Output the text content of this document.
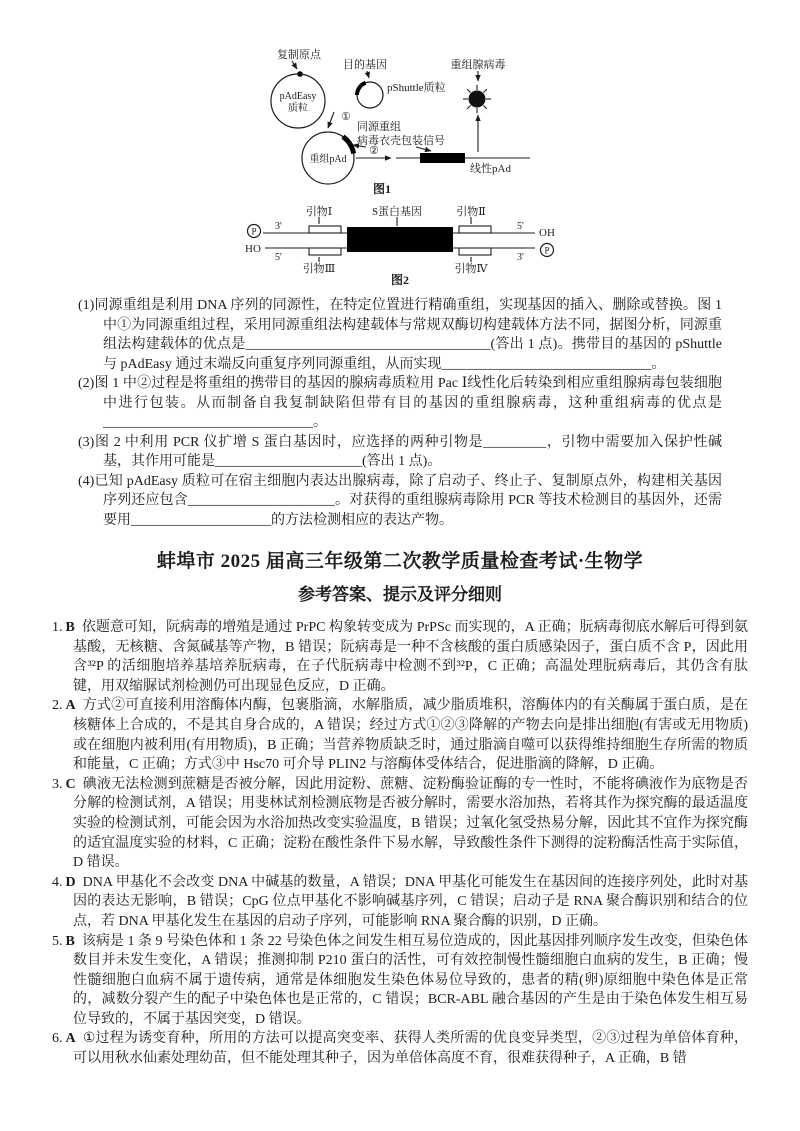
复制原点
pAdEasy
质粒
目的基因
pShuttle质粒
重组腺病毒
①
重组pAd
同源重组
病毒衣壳包装信号
②
线性pAd
图1
引物Ⅰ	S蛋白基因	引物Ⅱ
P
HO
3'
5'
5'
3'
引物Ⅲ	引物Ⅳ
OH
P
图2

(1)同源重组是利用 DNA 序列的同源性，在特定位置进行精确重组，实现基因的插入、删除或替换。图 1 中①为同源重组过程，采用同源重组法构建载体与常规双酶切构建载体方法不同，据图分析，同源重组法构建载体的优点是___________________________________(答出 1 点)。携带目的基因的 pShuttle 与 pAdEasy 通过末端反向重复序列同源重组，从而实现______________________________。

(2)图 1 中②过程是将重组的携带目的基因的腺病毒质粒用 Pac Ⅰ线性化后转染到相应重组腺病毒包装细胞中进行包装。从而制备自我复制缺陷但带有目的基因的重组腺病毒，这种重组病毒的优点是______________________________。

(3)图 2 中利用 PCR 仪扩增 S 蛋白基因时，应选择的两种引物是_________，引物中需要加入保护性碱基，其作用可能是_____________________(答出 1 点)。

(4)已知 pAdEasy 质粒可在宿主细胞内表达出腺病毒，除了启动子、终止子、复制原点外，构建相关基因序列还应包含_____________________。对获得的重组腺病毒除用 PCR 等技术检测目的基因外，还需要用____________________的方法检测相应的表达产物。

蚌埠市 2025 届高三年级第二次教学质量检查考试·生物学
参考答案、提示及评分细则
1. B 依题意可知，阮病毒的增殖是通过 PrPC 构象转变成为 PrPSc 而实现的，A 正确；朊病毒彻底水解后可得到氨基酸，无核糖、含氮碱基等产物，B 错误；阮病毒是一种不含核酸的蛋白质感染因子，蛋白质不含 P，因此用含³²P 的活细胞培养基培养朊病毒，在子代朊病毒中检测不到³²P，C 正确；高温处理朊病毒后，其仍含有肽键，用双缩脲试剂检测仍可出现显色反应，D 正确。
2. A 方式②可直接利用溶酶体内酶，包裹脂滴，水解脂质，减少脂质堆积，溶酶体内的有关酶属于蛋白质，是在核糖体上合成的，不是其自身合成的，A 错误；经过方式①②③降解的产物去向是排出细胞(有害或无用物质)或在细胞内被利用(有用物质)，B 正确；当营养物质缺乏时，通过脂滴自噬可以获得维持细胞生存所需的物质和能量，C 正确；方式③中 Hsc70 可介导 PLIN2 与溶酶体受体结合，促进脂滴的降解，D 正确。
3. C 碘液无法检测到蔗糖是否被分解，因此用淀粉、蔗糖、淀粉酶验证酶的专一性时，不能将碘液作为底物是否分解的检测试剂，A 错误；用斐林试剂检测底物是否被分解时，需要水浴加热，若将其作为探究酶的最适温度实验的检测试剂，可能会因为水浴加热改变实验温度，B 错误；过氧化氢受热易分解，因此其不宜作为探究酶的适宜温度实验的材料，C 正确；淀粉在酸性条件下易水解，导致酸性条件下测得的淀粉酶活性高于实际值，D 错误。
4. D DNA 甲基化不会改变 DNA 中碱基的数量，A 错误；DNA 甲基化可能发生在基因间的连接序列处，此时对基因的表达无影响，B 错误；CpG 位点甲基化不影响碱基序列，C 错误；启动子是 RNA 聚合酶识别和结合的位点，若 DNA 甲基化发生在基因的启动子序列，可能影响 RNA 聚合酶的识别，D 正确。
5. B 该病是 1 条 9 号染色体和 1 条 22 号染色体之间发生相互易位造成的，因此基因排列顺序发生改变，但染色体数目并未发生变化，A 错误；推测抑制 P210 蛋白的活性，可有效控制慢性髓细胞白血病的发生，B 正确；慢性髓细胞白血病不属于遗传病，通常是体细胞发生染色体易位导致的，患者的精(卵)原细胞中染色体是正常的，减数分裂产生的配子中染色体也是正常的，C 错误；BCR-ABL 融合基因的产生是由于染色体发生相互易位导致的，不属于基因突变，D 错误。
6. A ①过程为诱变育种，所用的方法可以提高突变率、获得人类所需的优良变异类型，②③过程为单倍体育种，可以用秋水仙素处理幼苗，但不能处理其种子，因为单倍体高度不育，很难获得种子，A 正确，B 错
